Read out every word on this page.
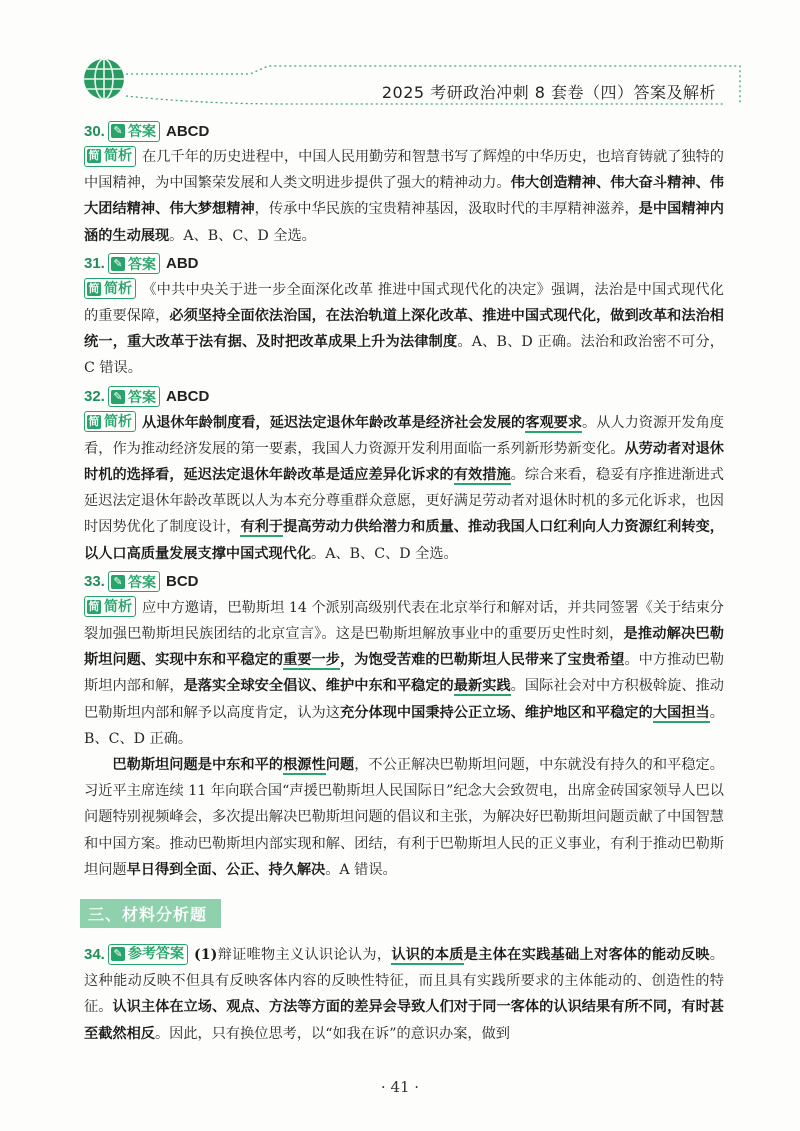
2025 考研政治冲刺 8 套卷（四）答案及解析
30. ✎ 答案 ABCD

简 简析 在几千年的历史进程中，中国人民用勤劳和智慧书写了辉煌的中华历史，也培育铸就了独特的中国精神，为中国繁荣发展和人类文明进步提供了强大的精神动力。伟大创造精神、伟大奋斗精神、伟大团结精神、伟大梦想精神，传承中华民族的宝贵精神基因，汲取时代的丰厚精神滋养，是中国精神内涵的生动展现。A、B、C、D 全选。

31. ✎ 答案 ABD

简 简析 《中共中央关于进一步全面深化改革 推进中国式现代化的决定》强调，法治是中国式现代化的重要保障，必须坚持全面依法治国，在法治轨道上深化改革、推进中国式现代化，做到改革和法治相统一，重大改革于法有据、及时把改革成果上升为法律制度。A、B、D 正确。法治和政治密不可分，C 错误。

32. ✎ 答案 ABCD

简 简析 从退休年龄制度看，延迟法定退休年龄改革是经济社会发展的客观要求。从人力资源开发角度看，作为推动经济发展的第一要素，我国人力资源开发利用面临一系列新形势新变化。从劳动者对退休时机的选择看，延迟法定退休年龄改革是适应差异化诉求的有效措施。综合来看，稳妥有序推进渐进式延迟法定退休年龄改革既以人为本充分尊重群众意愿，更好满足劳动者对退休时机的多元化诉求，也因时因势优化了制度设计，有利于提高劳动力供给潜力和质量、推动我国人口红利向人力资源红利转变，以人口高质量发展支撑中国式现代化。A、B、C、D 全选。

33. ✎ 答案 BCD

简 简析 应中方邀请，巴勒斯坦 14 个派别高级别代表在北京举行和解对话，并共同签署《关于结束分裂加强巴勒斯坦民族团结的北京宣言》。这是巴勒斯坦解放事业中的重要历史性时刻，是推动解决巴勒斯坦问题、实现中东和平稳定的重要一步，为饱受苦难的巴勒斯坦人民带来了宝贵希望。中方推动巴勒斯坦内部和解，是落实全球安全倡议、维护中东和平稳定的最新实践。国际社会对中方积极斡旋、推动巴勒斯坦内部和解予以高度肯定，认为这充分体现中国秉持公正立场、维护地区和平稳定的大国担当。B、C、D 正确。

巴勒斯坦问题是中东和平的根源性问题，不公正解决巴勒斯坦问题，中东就没有持久的和平稳定。习近平主席连续 11 年向联合国“声援巴勒斯坦人民国际日”纪念大会致贺电，出席金砖国家领导人巴以问题特别视频峰会，多次提出解决巴勒斯坦问题的倡议和主张，为解决好巴勒斯坦问题贡献了中国智慧和中国方案。推动巴勒斯坦内部实现和解、团结，有利于巴勒斯坦人民的正义事业，有利于推动巴勒斯坦问题早日得到全面、公正、持久解决。A 错误。

三、材料分析题

34. ✎ 参考答案 (1)辩证唯物主义认识论认为，认识的本质是主体在实践基础上对客体的能动反映。这种能动反映不但具有反映客体内容的反映性特征，而且具有实践所要求的主体能动的、创造性的特征。认识主体在立场、观点、方法等方面的差异会导致人们对于同一客体的认识结果有所不同，有时甚至截然相反。因此，只有换位思考，以“如我在诉”的意识办案，做到

· 41 ·
